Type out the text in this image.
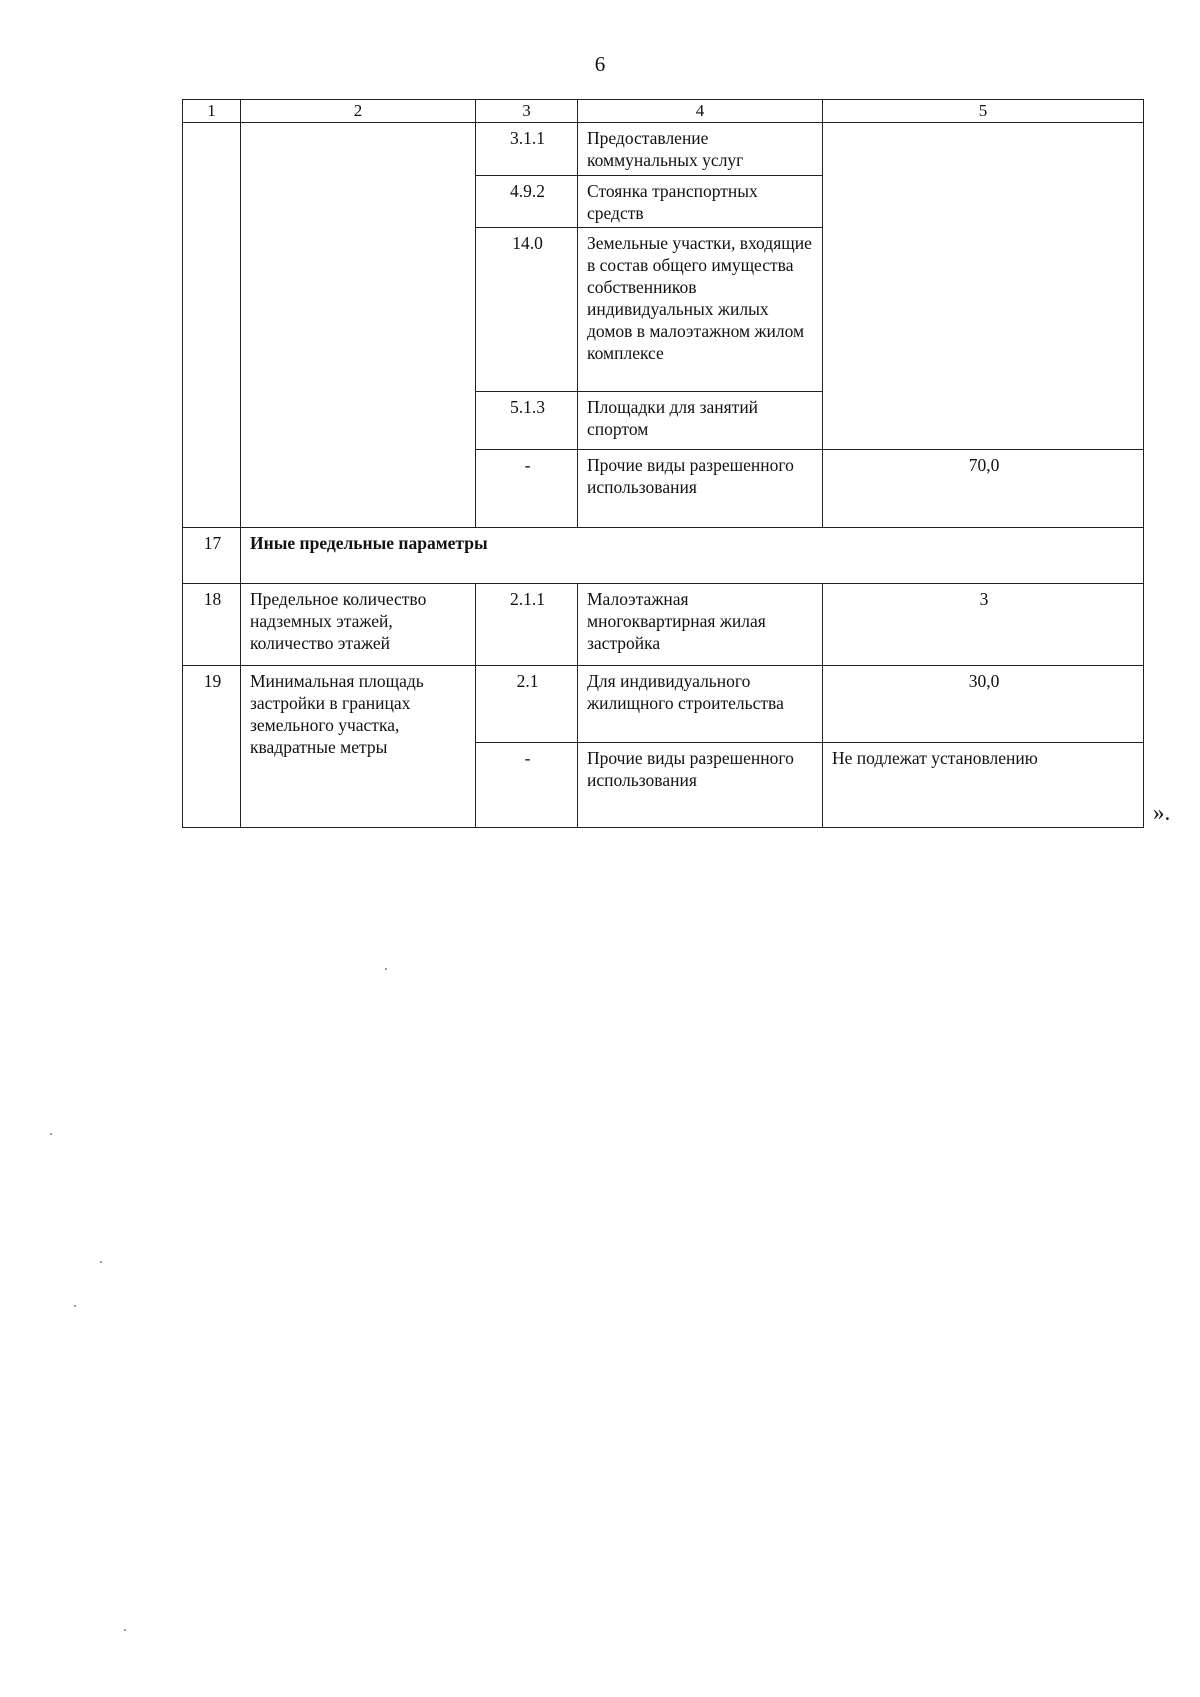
6
1	2	3	4	5
		3.1.1	Предоставление коммунальных услуг	
		4.9.2	Стоянка транспортных средств	
		14.0	Земельные участки, входящие в состав общего имущества собственников индивидуальных жилых домов в малоэтажном жилом комплексе	
		5.1.3	Площадки для занятий спортом	
		-	Прочие виды разрешенного использования	70,0
17	Иные предельные параметры			
18	Предельное количество надземных этажей, количество этажей	2.1.1	Малоэтажная многоквартирная жилая застройка	3
19	Минимальная площадь застройки в границах земельного участка, квадратные метры	2.1	Для индивидуального жилищного строительства	30,0
		-	Прочие виды разрешенного использования	Не подлежат установлению
».
